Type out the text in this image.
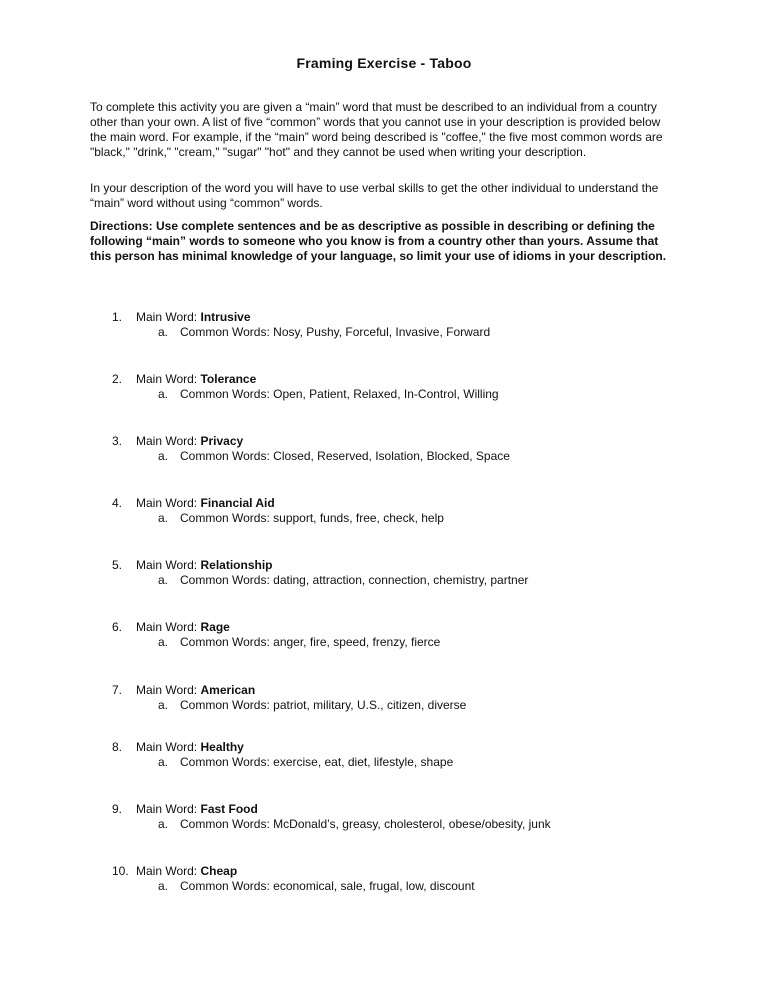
Framing Exercise - Taboo
To complete this activity you are given a “main” word that must be described to an individual from a country other than your own. A list of five “common” words that you cannot use in your description is provided below the main word. For example, if the “main” word being described is "coffee," the five most common words are "black," "drink," "cream," "sugar" "hot" and they cannot be used when writing your description.
In your description of the word you will have to use verbal skills to get the other individual to understand the “main” word without using “common” words.
Directions: Use complete sentences and be as descriptive as possible in describing or defining the following “main” words to someone who you know is from a country other than yours. Assume that this person has minimal knowledge of your language, so limit your use of idioms in your description.
1.	Main Word: Intrusive
a. Common Words: Nosy, Pushy, Forceful, Invasive, Forward
2.	Main Word: Tolerance
a. Common Words: Open, Patient, Relaxed, In-Control, Willing
3.	Main Word: Privacy
a. Common Words: Closed, Reserved, Isolation, Blocked, Space
4.	Main Word: Financial Aid
a. Common Words: support, funds, free, check, help
5.	Main Word: Relationship
a. Common Words: dating, attraction, connection, chemistry, partner
6.	Main Word: Rage
a. Common Words: anger, fire, speed, frenzy, fierce
7.	Main Word: American
a. Common Words: patriot, military, U.S., citizen, diverse
8.	Main Word: Healthy
a. Common Words: exercise, eat, diet, lifestyle, shape
9.	Main Word: Fast Food
a. Common Words: McDonald’s, greasy, cholesterol, obese/obesity, junk
10. Main Word: Cheap
a. Common Words: economical, sale, frugal, low, discount
